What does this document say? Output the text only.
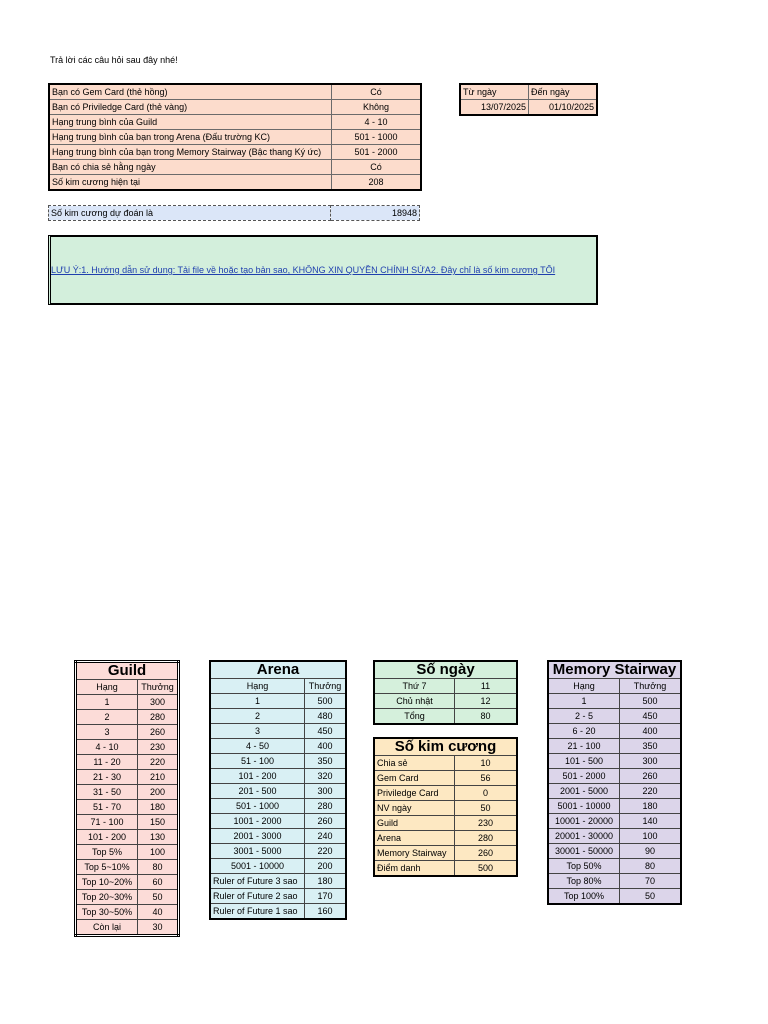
Trả lời các câu hỏi sau đây nhé!
Bạn có Gem Card (thẻ hồng)	Có
Bạn có Priviledge Card (thẻ vàng)	Không
Hạng trung bình của Guild	4 - 10
Hạng trung bình của bạn trong Arena (Đấu trường KC)	501 - 1000
Hạng trung bình của bạn trong Memory Stairway (Bậc thang Ký ức)	501 - 2000
Bạn có chia sẻ hằng ngày	Có
Số kim cương hiện tại	208
Từ ngày	Đến ngày
13/07/2025	01/10/2025
Số kim cương dự đoán là	18948
LƯU Ý:1. Hướng dẫn sử dụng: Tải file về hoặc tạo bản sao, KHÔNG XIN QUYỀN CHỈNH SỬA2. Đây chỉ là số kim cương TỐI
Guild	
Hạng	Thưởng
1	300
2	280
3	260
4 - 10	230
11 - 20	220
21 - 30	210
31 - 50	200
51 - 70	180
71 - 100	150
101 - 200	130
Top 5%	100
Top 5~10%	80
Top 10~20%	60
Top 20~30%	50
Top 30~50%	40
Còn lại	30
Arena	
Hạng	Thưởng
1	500
2	480
3	450
4 - 50	400
51 - 100	350
101 - 200	320
201 - 500	300
501 - 1000	280
1001 - 2000	260
2001 - 3000	240
3001 - 5000	220
5001 - 10000	200
Ruler of Future 3 sao	180
Ruler of Future 2 sao	170
Ruler of Future 1 sao	160
Số ngày	
Thứ 7	11
Chủ nhật	12
Tổng	80
Số kim cương	
Chia sẻ	10
Gem Card	56
Priviledge Card	0
NV ngày	50
Guild	230
Arena	280
Memory Stairway	260
Điểm danh	500
Memory Stairway	
Hạng	Thưởng
1	500
2 - 5	450
6 - 20	400
21 - 100	350
101 - 500	300
501 - 2000	260
2001 - 5000	220
5001 - 10000	180
10001 - 20000	140
20001 - 30000	100
30001 - 50000	90
Top 50%	80
Top 80%	70
Top 100%	50
